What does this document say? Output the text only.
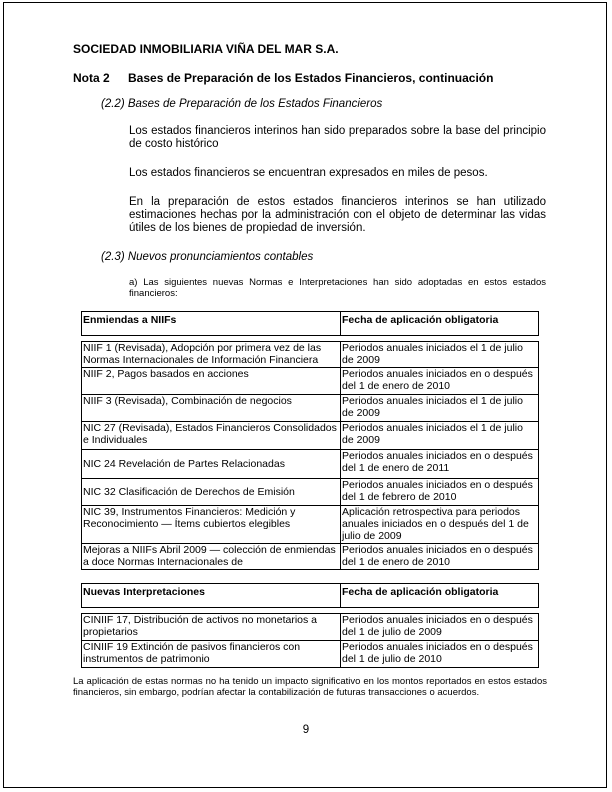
SOCIEDAD INMOBILIARIA VIÑA DEL MAR S.A.
Nota 2 Bases de Preparación de los Estados Financieros, continuación
(2.2) Bases de Preparación de los Estados Financieros
Los estados financieros interinos han sido preparados sobre la base del principio de costo histórico
Los estados financieros se encuentran expresados en miles de pesos.
En la preparación de estos estados financieros interinos se han utilizado estimaciones hechas por la administración con el objeto de determinar las vidas útiles de los bienes de propiedad de inversión.
(2.3) Nuevos pronunciamientos contables
a) Las siguientes nuevas Normas e Interpretaciones han sido adoptadas en estos estados financieros:
Enmiendas a NIIFs	Fecha de aplicación obligatoria

NIIF 1 (Revisada), Adopción por primera vez de las Normas Internacionales de Información Financiera	Periodos anuales iniciados el 1 de julio de 2009
NIIF 2, Pagos basados en acciones	Periodos anuales iniciados en o después del 1 de enero de 2010
NIIF 3 (Revisada), Combinación de negocios	Periodos anuales iniciados el 1 de julio de 2009
NIC 27 (Revisada), Estados Financieros Consolidados e Individuales	Periodos anuales iniciados el 1 de julio de 2009
NIC 24 Revelación de Partes Relacionadas	Periodos anuales iniciados en o después del 1 de enero de 2011
NIC 32 Clasificación de Derechos de Emisión	Periodos anuales iniciados en o después del 1 de febrero de 2010
NIC 39, Instrumentos Financieros: Medición y Reconocimiento — Ítems cubiertos elegibles	Aplicación retrospectiva para periodos anuales iniciados en o después del 1 de julio de 2009
Mejoras a NIIFs Abril 2009 — colección de enmiendas a doce Normas Internacionales de	Periodos anuales iniciados en o después del 1 de enero de 2010
Nuevas Interpretaciones	Fecha de aplicación obligatoria

CINIIF 17, Distribución de activos no monetarios a propietarios	Periodos anuales iniciados en o después del 1 de julio de 2009
CINIIF 19 Extinción de pasivos financieros con instrumentos de patrimonio	Periodos anuales iniciados en o después del 1 de julio de 2010
La aplicación de estas normas no ha tenido un impacto significativo en los montos reportados en estos estados financieros, sin embargo, podrían afectar la contabilización de futuras transacciones o acuerdos.
9
